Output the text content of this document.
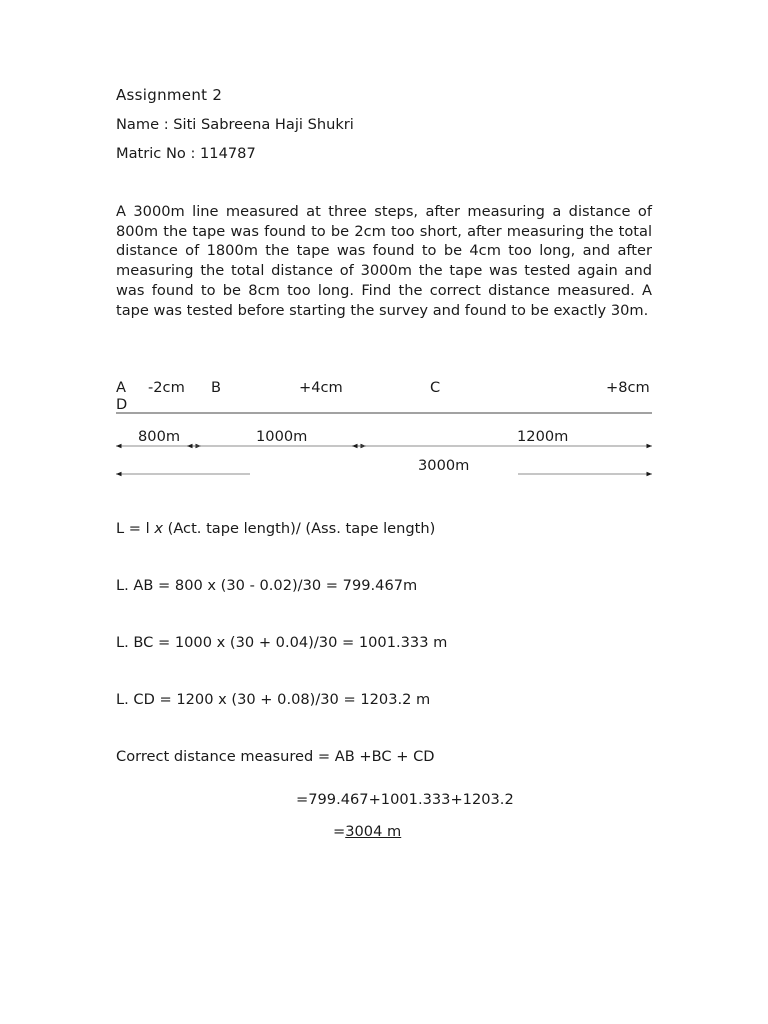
Assignment 2
Name : Siti Sabreena Haji Shukri
Matric No : 114787

A 3000m line measured at three steps, after measuring a distance of 800m the tape was found to be 2cm too short, after measuring the total distance of 1800m the tape was found to be 4cm too long, and after measuring the total distance of 3000m the tape was tested again and was found to be 8cm too long. Find the correct distance measured. A tape was tested before starting the survey and found to be exactly 30m.

A -2cm B	+4cm	C	+8cm
D
800m	1000m	1200m
3000m
L = l x (Act. tape length)/ (Ass. tape length)
L. AB = 800 x (30 - 0.02)/30 = 799.467m
L. BC = 1000 x (30 + 0.04)/30 = 1001.333 m
L. CD = 1200 x (30 + 0.08)/30 = 1203.2 m
Correct distance measured = AB +BC + CD
=799.467+1001.333+1203.2
=3004 m
